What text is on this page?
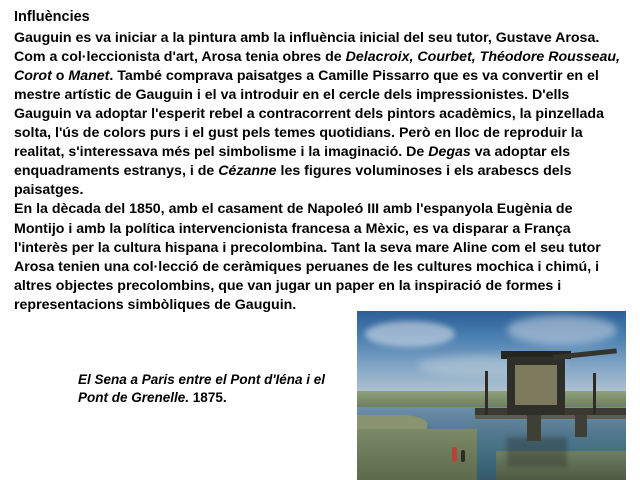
Influències

Gauguin es va iniciar a la pintura amb la influència inicial del seu tutor, Gustave Arosa. Com a col·leccionista d'art, Arosa tenia obres de Delacroix, Courbet, Théodore Rousseau, Corot o Manet. També comprava paisatges a Camille Pissarro que es va convertir en el mestre artístic de Gauguin i el va introduir en el cercle dels impressionistes. D'ells Gauguin va adoptar l'esperit rebel a contracorrent dels pintors acadèmics, la pinzellada solta, l'ús de colors purs i el gust pels temes quotidians. Però en lloc de reproduir la realitat, s'interessava més pel simbolisme i la imaginació. De Degas va adoptar els enquadraments estranys, i de Cézanne les figures voluminoses i els arabescs dels paisatges.

En la dècada del 1850, amb el casament de Napoleó III amb l'espanyola Eugènia de Montijo i amb la política intervencionista francesa a Mèxic, es va disparar a França l'interès per la cultura hispana i precolombina. Tant la seva mare Aline com el seu tutor Arosa tenien una col·lecció de ceràmiques peruanes de les cultures mochica i chimú, i altres objectes precolombins, que van jugar un paper en la inspiració de formes i representacions simbòliques de Gauguin.

El Sena a Paris entre el Pont d'Iéna i el Pont de Grenelle. 1875.
